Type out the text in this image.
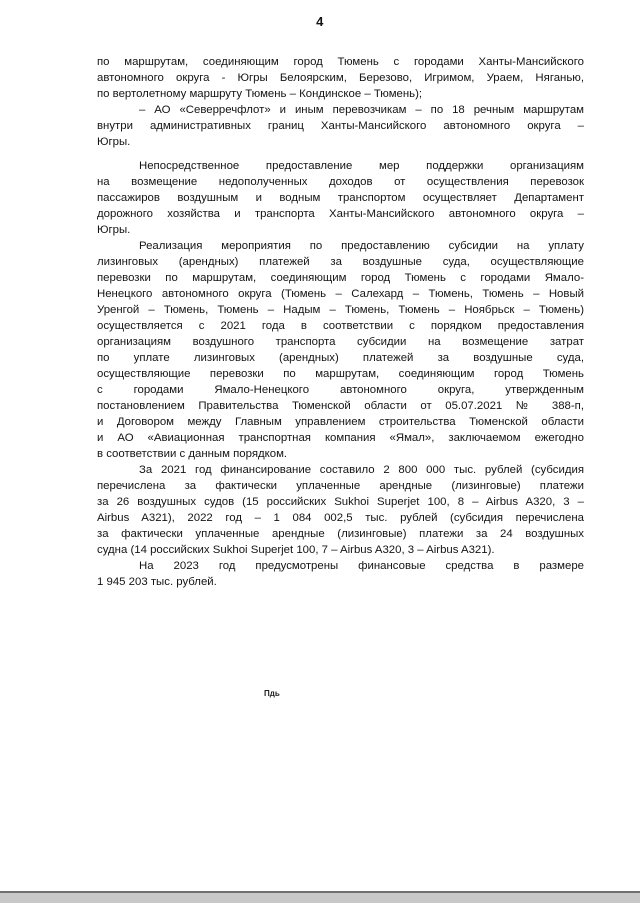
4
по маршрутам, соединяющим город Тюмень с городами Ханты-Мансийского
автономного округа - Югры Белоярским, Березово, Игримом, Ураем, Няганью,
по вертолетному маршруту Тюмень – Кондинское – Тюмень);
– АО «Северречфлот» и иным перевозчикам – по 18 речным маршрутам
внутри административных границ Ханты-Мансийского автономного округа –
Югры.
Непосредственное предоставление мер поддержки организациям
на возмещение недополученных доходов от осуществления перевозок
пассажиров воздушным и водным транспортом осуществляет Департамент
дорожного хозяйства и транспорта Ханты-Мансийского автономного округа –
Югры.
Реализация мероприятия по предоставлению субсидии на уплату
лизинговых (арендных) платежей за воздушные суда, осуществляющие
перевозки по маршрутам, соединяющим город Тюмень с городами Ямало-
Ненецкого автономного округа (Тюмень – Салехард – Тюмень, Тюмень – Новый
Уренгой – Тюмень, Тюмень – Надым – Тюмень, Тюмень – Ноябрьск – Тюмень)
осуществляется с 2021 года в соответствии с порядком предоставления
организациям воздушного транспорта субсидии на возмещение затрат
по уплате лизинговых (арендных) платежей за воздушные суда,
осуществляющие перевозки по маршрутам, соединяющим город Тюмень
с городами Ямало-Ненецкого автономного округа, утвержденным
постановлением Правительства Тюменской области от 05.07.2021 № 388-п,
и Договором между Главным управлением строительства Тюменской области
и АО «Авиационная транспортная компания «Ямал», заключаемом ежегодно
в соответствии с данным порядком.
За 2021 год финансирование составило 2 800 000 тыс. рублей (субсидия
перечислена за фактически уплаченные арендные (лизинговые) платежи
за 26 воздушных судов (15 российских Sukhoi Superjet 100, 8 – Airbus A320, 3 –
Airbus A321), 2022 год – 1 084 002,5 тыс. рублей (субсидия перечислена
за фактически уплаченные арендные (лизинговые) платежи за 24 воздушных
судна (14 российских Sukhoi Superjet 100, 7 – Airbus A320, 3 – Airbus A321).
На 2023 год предусмотрены финансовые средства в размере
1 945 203 тыс. рублей.
Пдь
